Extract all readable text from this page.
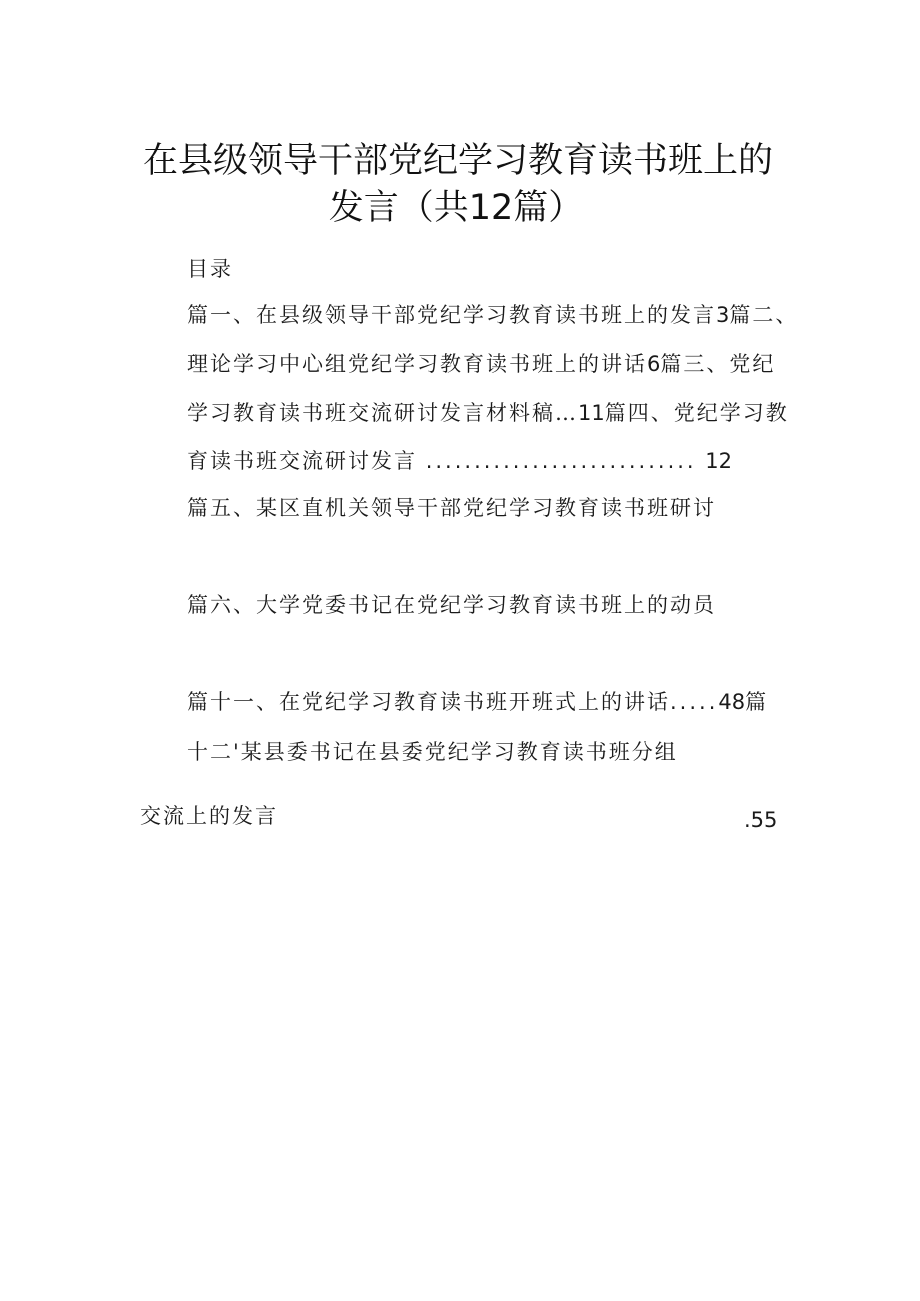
在县级领导干部党纪学习教育读书班上的
发言（共12篇）
目录
篇一、在县级领导干部党纪学习教育读书班上的发言3篇二、
理论学习中心组党纪学习教育读书班上的讲话6篇三、党纪
学习教育读书班交流研讨发言材料稿…11篇四、党纪学习教
育读书班交流研讨发言 ............................ 12
篇五、某区直机关领导干部党纪学习教育读书班研讨
篇六、大学党委书记在党纪学习教育读书班上的动员
篇十一、在党纪学习教育读书班开班式上的讲话.....48篇
十二'某县委书记在县委党纪学习教育读书班分组
交流上的发言	.55
